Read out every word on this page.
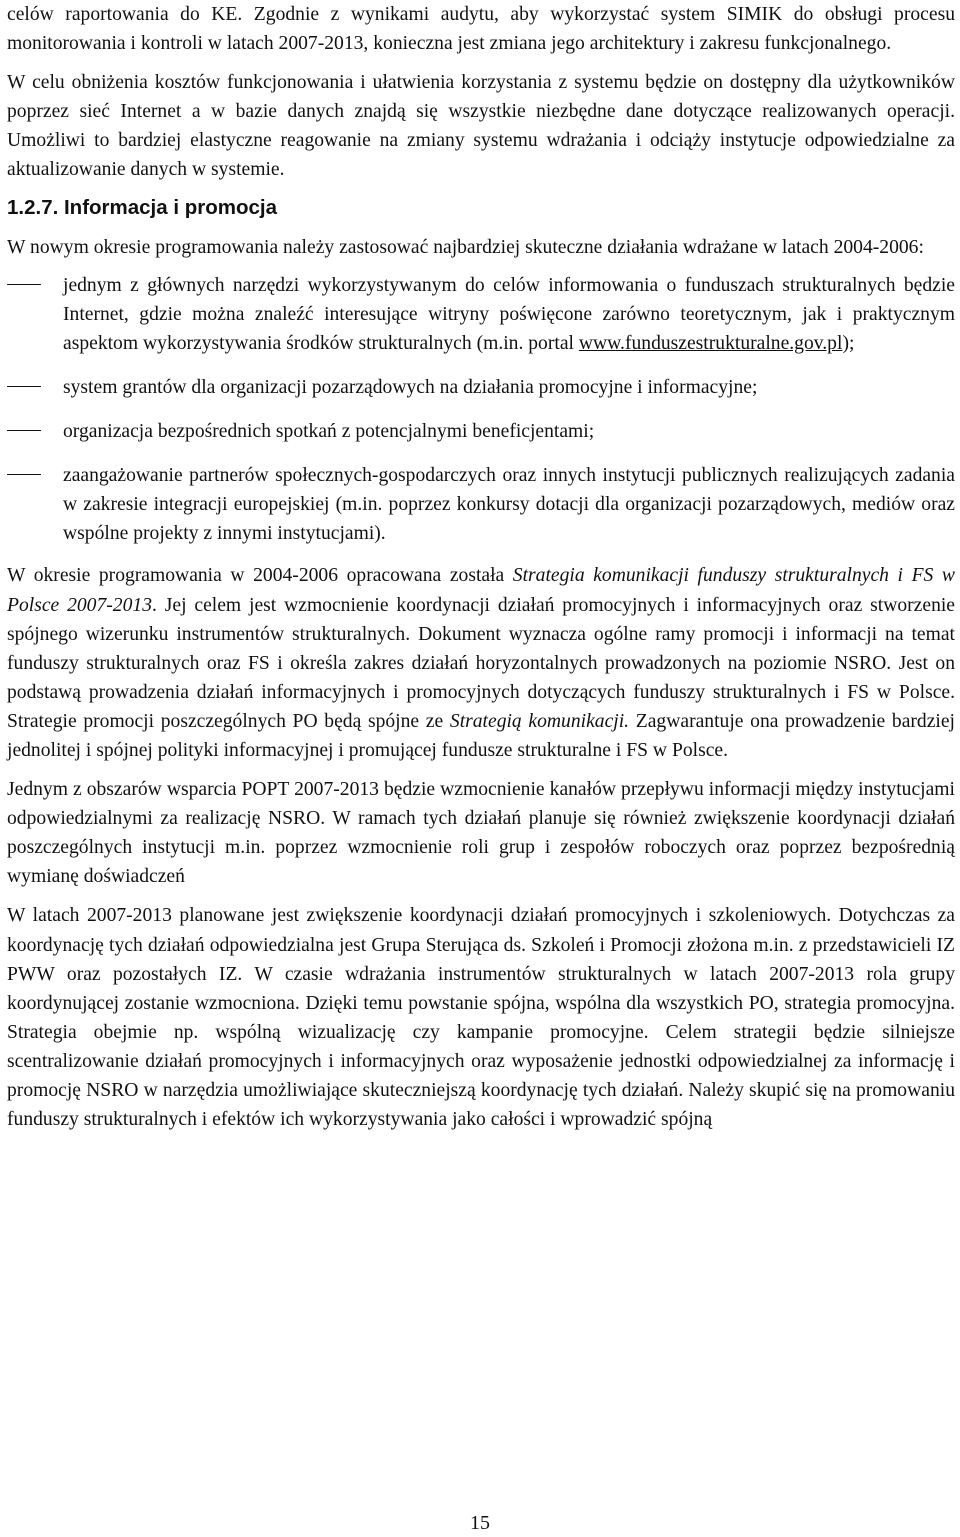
celów raportowania do KE. Zgodnie z wynikami audytu, aby wykorzystać system SIMIK do obsługi procesu monitorowania i kontroli w latach 2007-2013, konieczna jest zmiana jego architektury i zakresu funkcjonalnego.

W celu obniżenia kosztów funkcjonowania i ułatwienia korzystania z systemu będzie on dostępny dla użytkowników poprzez sieć Internet a w bazie danych znajdą się wszystkie niezbędne dane dotyczące realizowanych operacji. Umożliwi to bardziej elastyczne reagowanie na zmiany systemu wdrażania i odciąży instytucje odpowiedzialne za aktualizowanie danych w systemie.

1.2.7. Informacja i promocja

W nowym okresie programowania należy zastosować najbardziej skuteczne działania wdrażane w latach 2004-2006:

jednym z głównych narzędzi wykorzystywanym do celów informowania o funduszach strukturalnych będzie Internet, gdzie można znaleźć interesujące witryny poświęcone zarówno teoretycznym, jak i praktycznym aspektom wykorzystywania środków strukturalnych (m.in. portal www.funduszestrukturalne.gov.pl);

system grantów dla organizacji pozarządowych na działania promocyjne i informacyjne;

organizacja bezpośrednich spotkań z potencjalnymi beneficjentami;

zaangażowanie partnerów społecznych-gospodarczych oraz innych instytucji publicznych realizujących zadania w zakresie integracji europejskiej (m.in. poprzez konkursy dotacji dla organizacji pozarządowych, mediów oraz wspólne projekty z innymi instytucjami).

W okresie programowania w 2004-2006 opracowana została Strategia komunikacji funduszy strukturalnych i FS w Polsce 2007-2013. Jej celem jest wzmocnienie koordynacji działań promocyjnych i informacyjnych oraz stworzenie spójnego wizerunku instrumentów strukturalnych. Dokument wyznacza ogólne ramy promocji i informacji na temat funduszy strukturalnych oraz FS i określa zakres działań horyzontalnych prowadzonych na poziomie NSRO. Jest on podstawą prowadzenia działań informacyjnych i promocyjnych dotyczących funduszy strukturalnych i FS w Polsce. Strategie promocji poszczególnych PO będą spójne ze Strategią komunikacji. Zagwarantuje ona prowadzenie bardziej jednolitej i spójnej polityki informacyjnej i promującej fundusze strukturalne i FS w Polsce.

Jednym z obszarów wsparcia POPT 2007-2013 będzie wzmocnienie kanałów przepływu informacji między instytucjami odpowiedzialnymi za realizację NSRO. W ramach tych działań planuje się również zwiększenie koordynacji działań poszczególnych instytucji m.in. poprzez wzmocnienie roli grup i zespołów roboczych oraz poprzez bezpośrednią wymianę doświadczeń

W latach 2007-2013 planowane jest zwiększenie koordynacji działań promocyjnych i szkoleniowych. Dotychczas za koordynację tych działań odpowiedzialna jest Grupa Sterująca ds. Szkoleń i Promocji złożona m.in. z przedstawicieli IZ PWW oraz pozostałych IZ. W czasie wdrażania instrumentów strukturalnych w latach 2007-2013 rola grupy koordynującej zostanie wzmocniona. Dzięki temu powstanie spójna, wspólna dla wszystkich PO, strategia promocyjna. Strategia obejmie np. wspólną wizualizację czy kampanie promocyjne. Celem strategii będzie silniejsze scentralizowanie działań promocyjnych i informacyjnych oraz wyposażenie jednostki odpowiedzialnej za informację i promocję NSRO w narzędzia umożliwiające skuteczniejszą koordynację tych działań. Należy skupić się na promowaniu funduszy strukturalnych i efektów ich wykorzystywania jako całości i wprowadzić spójną

15
